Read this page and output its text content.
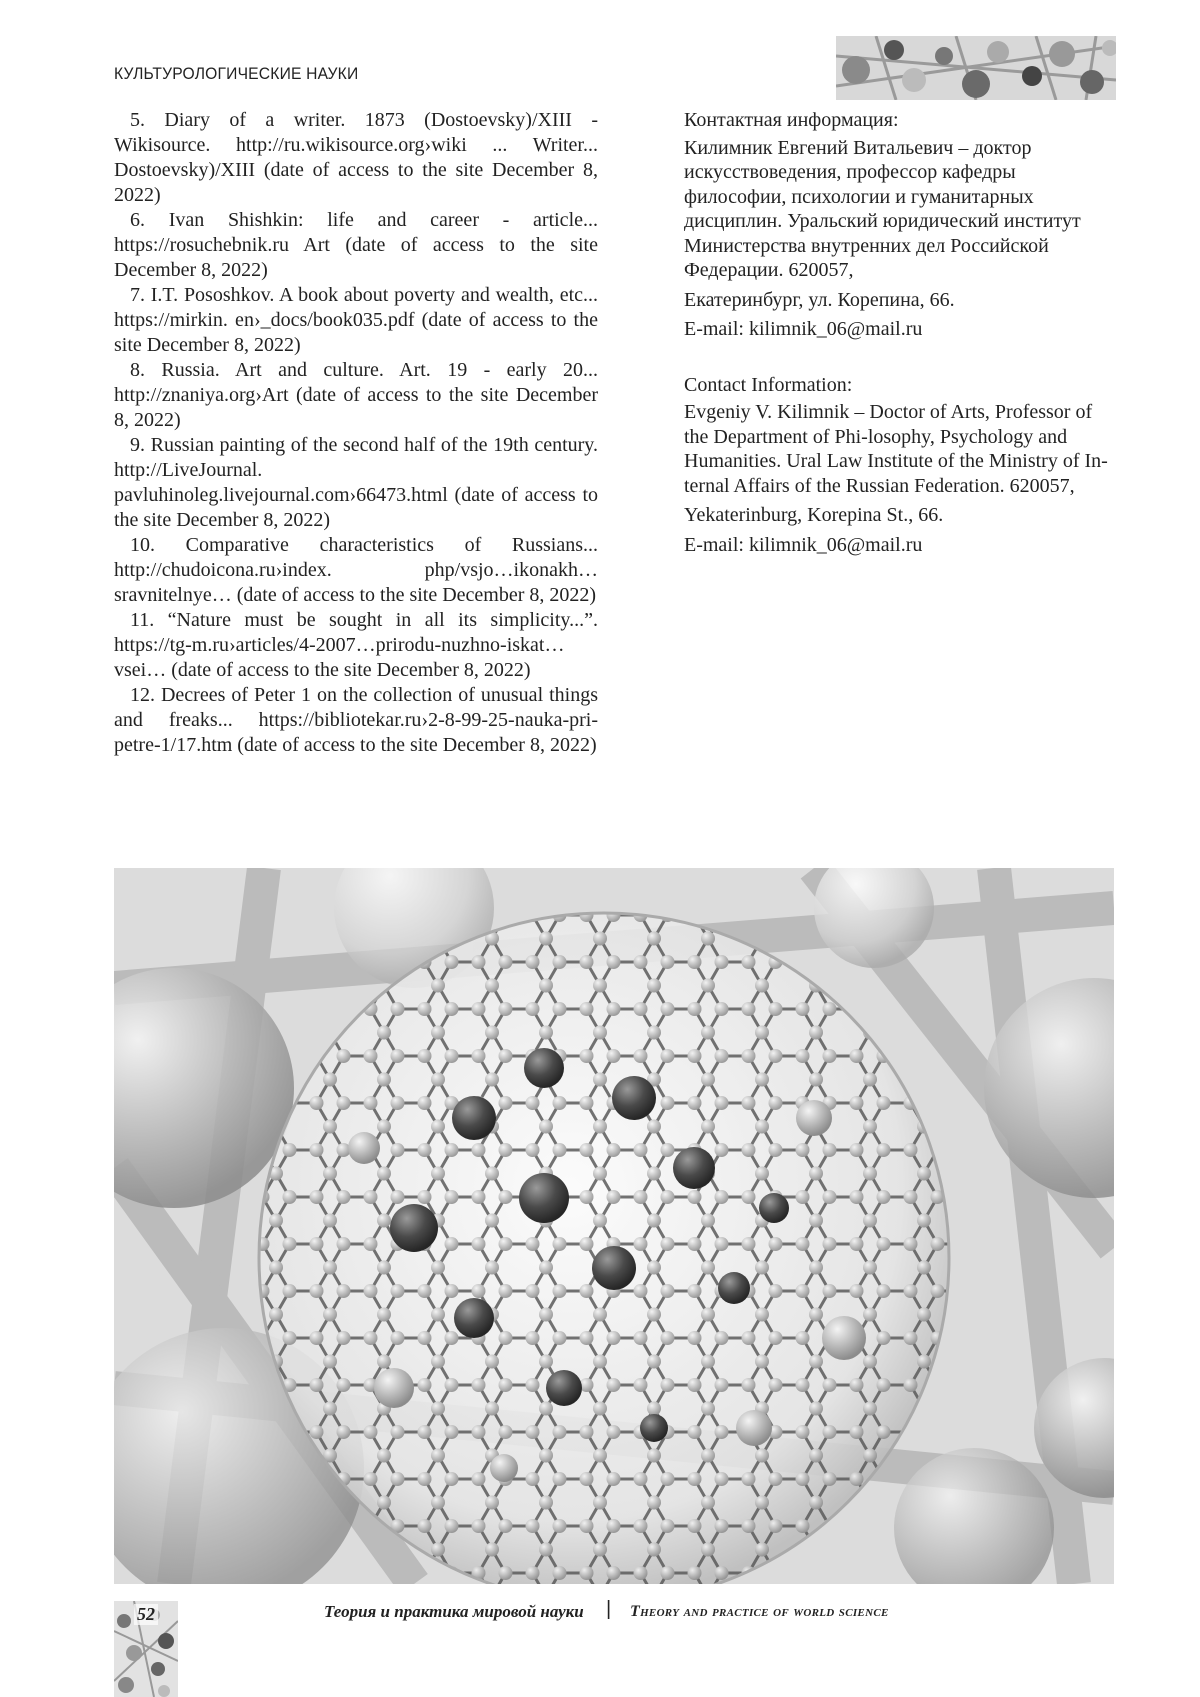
КУЛЬТУРОЛОГИЧЕСКИЕ НАУКИ

5. Diary of a writer. 1873 (Dostoevsky)/XIII - Wikisource. http://ru.wikisource.org›wiki ... Writer... Dostoevsky)/XIII (date of access to the site December 8, 2022)

6. Ivan Shishkin: life and career - article... https://rosuchebnik.ru Art (date of access to the site December 8, 2022)

7. I.T. Pososhkov. A book about poverty and wealth, etc... https://mirkin. en›_docs/book035.pdf (date of access to the site December 8, 2022)

8. Russia. Art and culture. Art. 19 - early 20... http://znaniya.org›Art (date of access to the site December 8, 2022)

9. Russian painting of the second half of the 19th century. http://LiveJournal. pavluhinoleg.livejournal.com›66473.html (date of access to the site December 8, 2022)

10. Comparative characteristics of Russians... http://chudoicona.ru›index. php/vsjo…ikonakh…sravnitelnye… (date of access to the site December 8, 2022)

11. “Nature must be sought in all its simplicity...”. https://tg-m.ru›articles/4-2007…prirodu-nuzhno-iskat…vsei… (date of access to the site December 8, 2022)

12. Decrees of Peter 1 on the collection of unusual things and freaks... https://bibliotekar.ru›2-8-99-25-nauka-pri-petre-1/17.htm (date of access to the site December 8, 2022)

Контактная информация:

Килимник Евгений Витальевич – доктор искусствоведения, профессор кафедры философии, психологии и гуманитарных дисциплин. Уральский юридический институт Министерства внутренних дел Российской Федерации. 620057,

Екатеринбург, ул. Корепина, 66.

E-mail: kilimnik_06@mail.ru

Contact Information:

Evgeniy V. Kilimnik – Doctor of Arts, Professor of the Department of Phi-losophy, Psychology and Humanities. Ural Law Institute of the Ministry of In-ternal Affairs of the Russian Federation. 620057,

Yekaterinburg, Korepina St., 66.

E-mail: kilimnik_06@mail.ru

52	Теория и практика мировой науки | Theory and practice of world science
